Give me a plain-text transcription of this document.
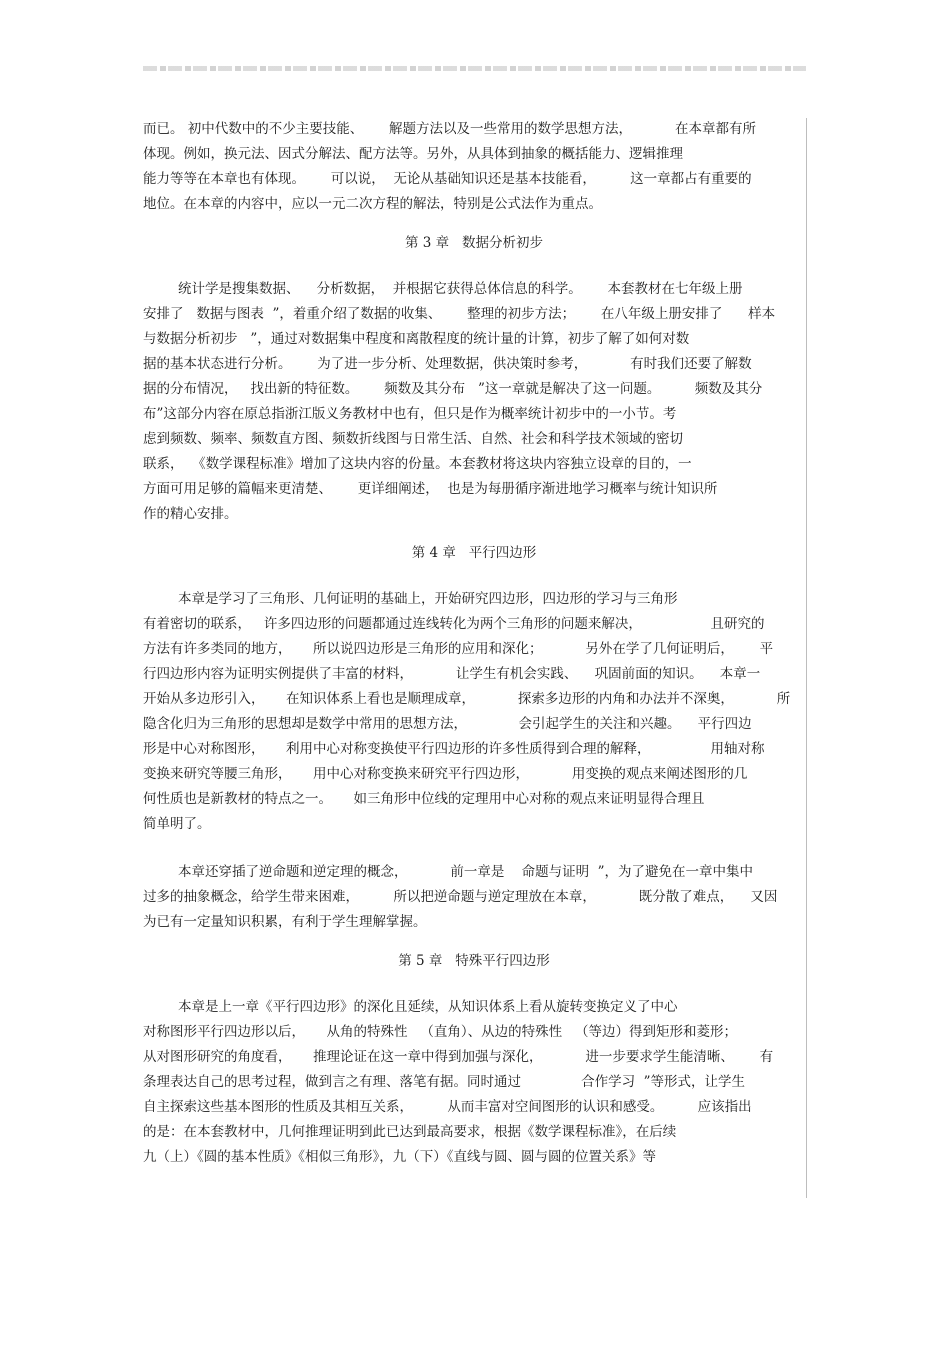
而已。 初中代数中的不少主要技能、      解题方法以及一些常用的数学思想方法，          在本章都有所
体现。例如，换元法、因式分解法、配方法等。另外，从具体到抽象的概括能力、逻辑推理
能力等等在本章也有体现。      可以说，  无论从基础知识还是基本技能看，        这一章都占有重要的
地位。在本章的内容中，应以一元二次方程的解法，特别是公式法作为重点。
第 3 章   数据分析初步
统计学是搜集数据、    分析数据，  并根据它获得总体信息的科学。      本套教材在七年级上册
安排了   数据与图表  ”，着重介绍了数据的收集、      整理的初步方法；      在八年级上册安排了      样本
与数据分析初步   ”，通过对数据集中程度和离散程度的统计量的计算，初步了解了如何对数
据的基本状态进行分析。      为了进一步分析、处理数据，供决策时参考，          有时我们还要了解数
据的分布情况，   找出新的特征数。      频数及其分布   ”这一章就是解决了这一问题。        频数及其分
布”这部分内容在原总指浙江版义务教材中也有，但只是作为概率统计初步中的一小节。考
虑到频数、频率、频数直方图、频数折线图与日常生活、自然、社会和科学技术领域的密切
联系，  《数学课程标准》增加了这块内容的份量。本套教材将这块内容独立设章的目的，一
方面可用足够的篇幅来更清楚、      更详细阐述，  也是为每册循序渐进地学习概率与统计知识所
作的精心安排。
第 4 章   平行四边形
本章是学习了三角形、几何证明的基础上，开始研究四边形，四边形的学习与三角形
有着密切的联系，   许多四边形的问题都通过连线转化为两个三角形的问题来解决，                且研究的
方法有许多类同的地方，     所以说四边形是三角形的应用和深化；          另外在学了几何证明后，      平
行四边形内容为证明实例提供了丰富的材料，          让学生有机会实践、    巩固前面的知识。    本章一
开始从多边形引入，     在知识体系上看也是顺理成章，          探索多边形的内角和办法并不深奥，          所
隐含化归为三角形的思想却是数学中常用的思想方法，            会引起学生的关注和兴趣。    平行四边
形是中心对称图形，     利用中心对称变换使平行四边形的许多性质得到合理的解释，              用轴对称
变换来研究等腰三角形，     用中心对称变换来研究平行四边形，          用变换的观点来阐述图形的几
何性质也是新教材的特点之一。     如三角形中位线的定理用中心对称的观点来证明显得合理且
简单明了。
本章还穿插了逆命题和逆定理的概念，          前一章是    命题与证明  ”，为了避免在一章中集中
过多的抽象概念，给学生带来困难，        所以把逆命题与逆定理放在本章，          既分散了难点，    又因
为已有一定量知识积累，有利于学生理解掌握。
第 5 章   特殊平行四边形
本章是上一章《平行四边形》的深化且延续，从知识体系上看从旋转变换定义了中心
对称图形平行四边形以后，     从角的特殊性   （直角）、从边的特殊性   （等边）得到矩形和菱形；
从对图形研究的角度看，     推理论证在这一章中得到加强与深化，          进一步要求学生能清晰、      有
条理表达自己的思考过程，做到言之有理、落笔有据。同时通过              合作学习  ”等形式，让学生
自主探索这些基本图形的性质及其相互关系，        从而丰富对空间图形的认识和感受。        应该指出
的是：在本套教材中，几何推理证明到此已达到最高要求，根据《数学课程标准》，在后续
九（上）《圆的基本性质》《相似三角形》，九（下）《直线与圆、圆与圆的位置关系》等
